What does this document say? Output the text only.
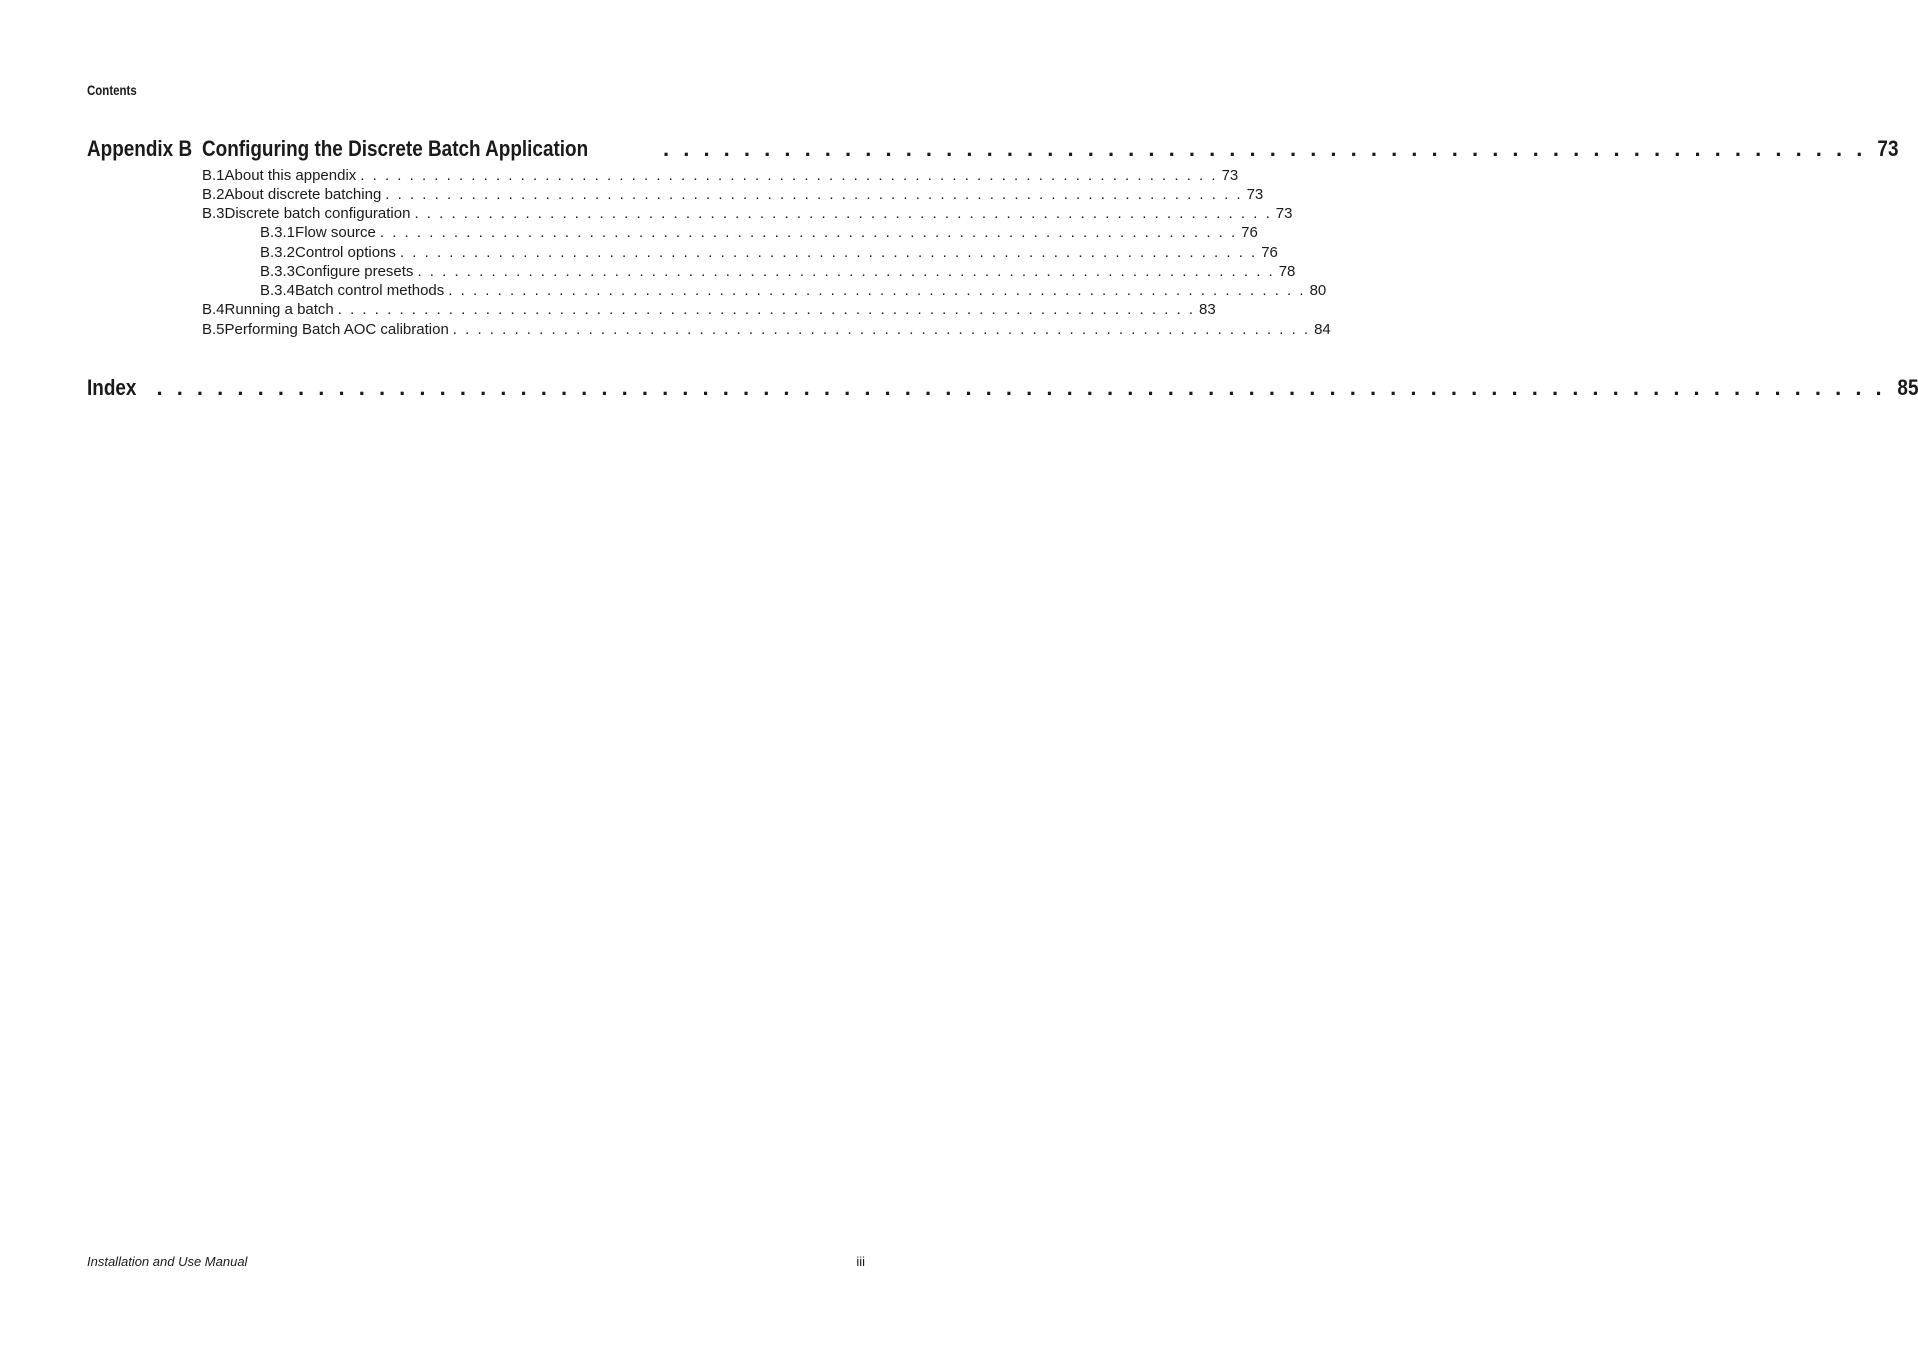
Contents
Appendix B Configuring the Discrete Batch Application	. . . . . . . . . . . . . . . . . . . . . . . . . . . . . . . . . . . . . . . . . . . . . . . . . . . . . . . . . . . . 73
B.1 About this appendix . . . . . . . . . . . . . . . . . . . . . . . . . . . . . . . . . . . . . . . . . . . . . . . . . . . . . . . . . . . . . . . . . . . . . . 73
B.2 About discrete batching . . . . . . . . . . . . . . . . . . . . . . . . . . . . . . . . . . . . . . . . . . . . . . . . . . . . . . . . . . . . . . . . . . . . . . 73
B.3 Discrete batch configuration . . . . . . . . . . . . . . . . . . . . . . . . . . . . . . . . . . . . . . . . . . . . . . . . . . . . . . . . . . . . . . . . . . . . . . 73
B.3.1 Flow source . . . . . . . . . . . . . . . . . . . . . . . . . . . . . . . . . . . . . . . . . . . . . . . . . . . . . . . . . . . . . . . . . . . . . . 76
B.3.2 Control options . . . . . . . . . . . . . . . . . . . . . . . . . . . . . . . . . . . . . . . . . . . . . . . . . . . . . . . . . . . . . . . . . . . . . . 76
B.3.3 Configure presets . . . . . . . . . . . . . . . . . . . . . . . . . . . . . . . . . . . . . . . . . . . . . . . . . . . . . . . . . . . . . . . . . . . . . . 78
B.3.4 Batch control methods . . . . . . . . . . . . . . . . . . . . . . . . . . . . . . . . . . . . . . . . . . . . . . . . . . . . . . . . . . . . . . . . . . . . . . 80
B.4 Running a batch . . . . . . . . . . . . . . . . . . . . . . . . . . . . . . . . . . . . . . . . . . . . . . . . . . . . . . . . . . . . . . . . . . . . . . 83
B.5 Performing Batch AOC calibration . . . . . . . . . . . . . . . . . . . . . . . . . . . . . . . . . . . . . . . . . . . . . . . . . . . . . . . . . . . . . . . . . . . . . . 84
Index . . . . . . . . . . . . . . . . . . . . . . . . . . . . . . . . . . . . . . . . . . . . . . . . . . . . . . . . . . . . . . . . . . . . . . . . . . . . . . . . . . . . . . 85
Installation and Use Manual	iii
